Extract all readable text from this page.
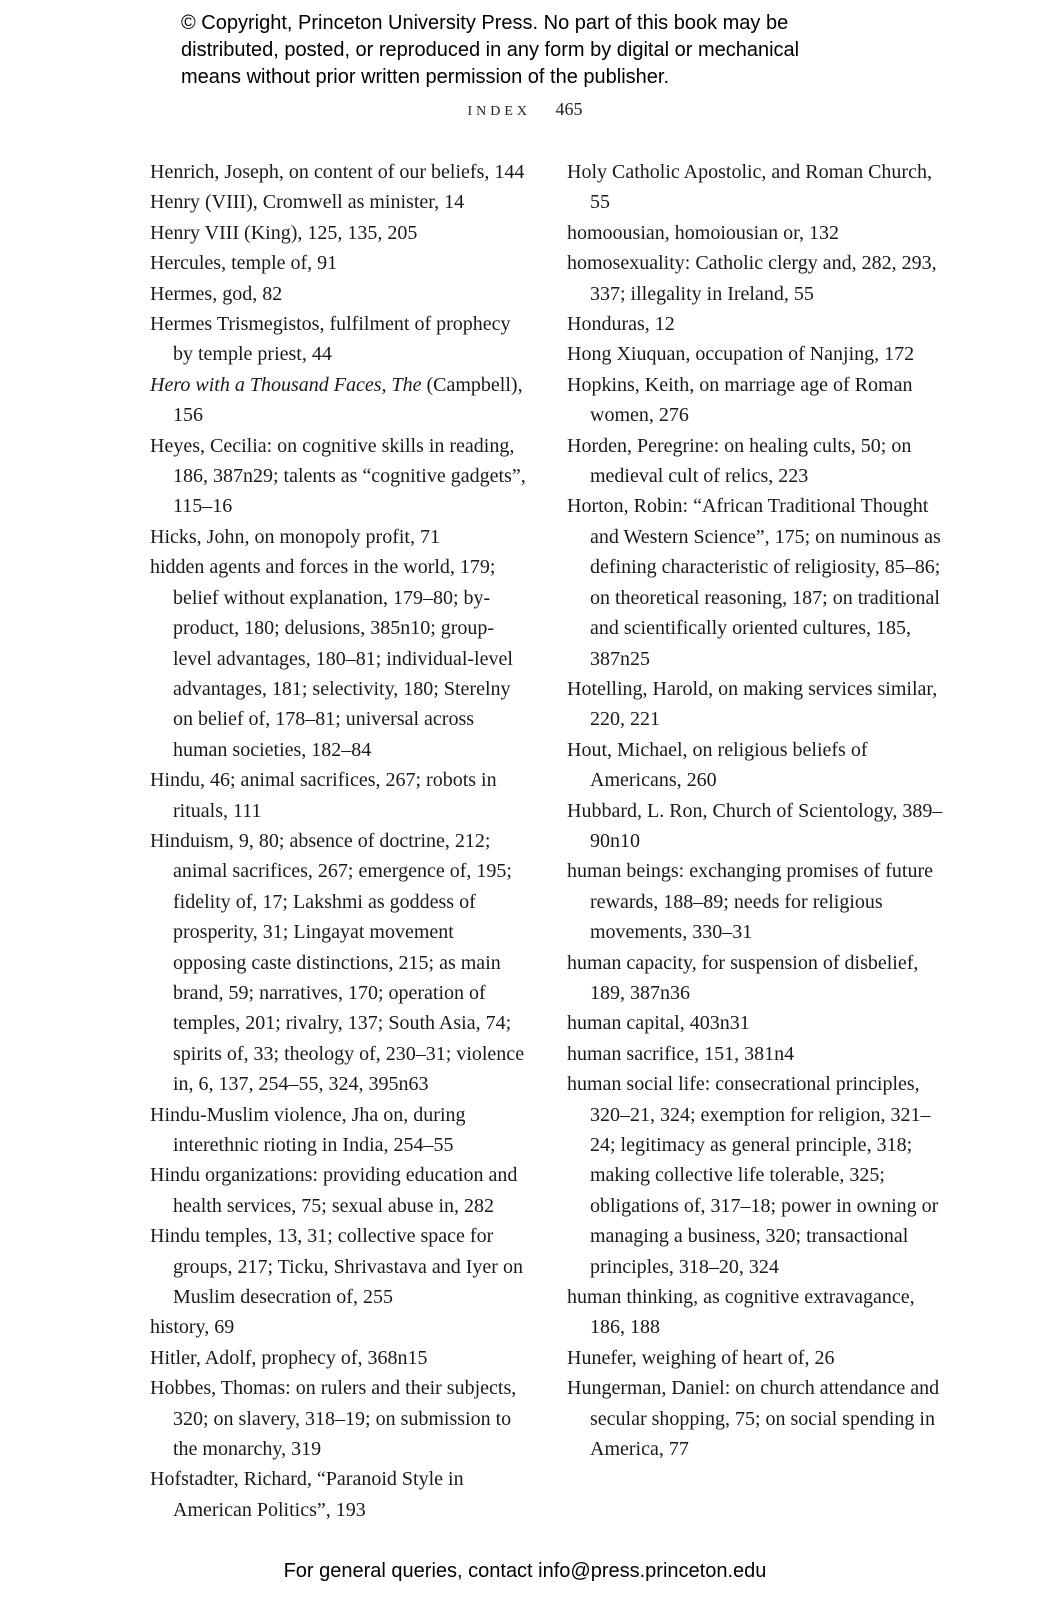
© Copyright, Princeton University Press. No part of this book may be
distributed, posted, or reproduced in any form by digital or mechanical
means without prior written permission of the publisher.
INDEX 465

Henrich, Joseph, on content of our beliefs, 144

Henry (VIII), Cromwell as minister, 14

Henry VIII (King), 125, 135, 205

Hercules, temple of, 91

Hermes, god, 82

Hermes Trismegistos, fulfilment of prophecy by temple priest, 44

Hero with a Thousand Faces, The (Campbell), 156

Heyes, Cecilia: on cognitive skills in reading, 186, 387n29; talents as “cognitive gadgets”, 115–16

Hicks, John, on monopoly profit, 71

hidden agents and forces in the world, 179; belief without explanation, 179–80; by-product, 180; delusions, 385n10; group-level advantages, 180–81; individual-level advantages, 181; selectivity, 180; Sterelny on belief of, 178–81; universal across human societies, 182–84

Hindu, 46; animal sacrifices, 267; robots in rituals, 111

Hinduism, 9, 80; absence of doctrine, 212; animal sacrifices, 267; emergence of, 195; fidelity of, 17; Lakshmi as goddess of prosperity, 31; Lingayat movement opposing caste distinctions, 215; as main brand, 59; narratives, 170; operation of temples, 201; rivalry, 137; South Asia, 74; spirits of, 33; theology of, 230–31; violence in, 6, 137, 254–55, 324, 395n63

Hindu-Muslim violence, Jha on, during interethnic rioting in India, 254–55

Hindu organizations: providing education and health services, 75; sexual abuse in, 282

Hindu temples, 13, 31; collective space for groups, 217; Ticku, Shrivastava and Iyer on Muslim desecration of, 255

history, 69

Hitler, Adolf, prophecy of, 368n15

Hobbes, Thomas: on rulers and their subjects, 320; on slavery, 318–19; on submission to the monarchy, 319

Hofstadter, Richard, “Paranoid Style in American Politics”, 193

Holy Catholic Apostolic, and Roman Church, 55

homoousian, homoiousian or, 132

homosexuality: Catholic clergy and, 282, 293, 337; illegality in Ireland, 55

Honduras, 12

Hong Xiuquan, occupation of Nanjing, 172

Hopkins, Keith, on marriage age of Roman women, 276

Horden, Peregrine: on healing cults, 50; on medieval cult of relics, 223

Horton, Robin: “African Traditional Thought and Western Science”, 175; on numinous as defining characteristic of religiosity, 85–86; on theoretical reasoning, 187; on traditional and scientifically oriented cultures, 185, 387n25

Hotelling, Harold, on making services similar, 220, 221

Hout, Michael, on religious beliefs of Americans, 260

Hubbard, L. Ron, Church of Scientology, 389–90n10

human beings: exchanging promises of future rewards, 188–89; needs for religious movements, 330–31

human capacity, for suspension of disbelief, 189, 387n36

human capital, 403n31

human sacrifice, 151, 381n4

human social life: consecrational principles, 320–21, 324; exemption for religion, 321–24; legitimacy as general principle, 318; making collective life tolerable, 325; obligations of, 317–18; power in owning or managing a business, 320; transactional principles, 318–20, 324

human thinking, as cognitive extravagance, 186, 188

Hunefer, weighing of heart of, 26

Hungerman, Daniel: on church attendance and secular shopping, 75; on social spending in America, 77

For general queries, contact info@press.princeton.edu
